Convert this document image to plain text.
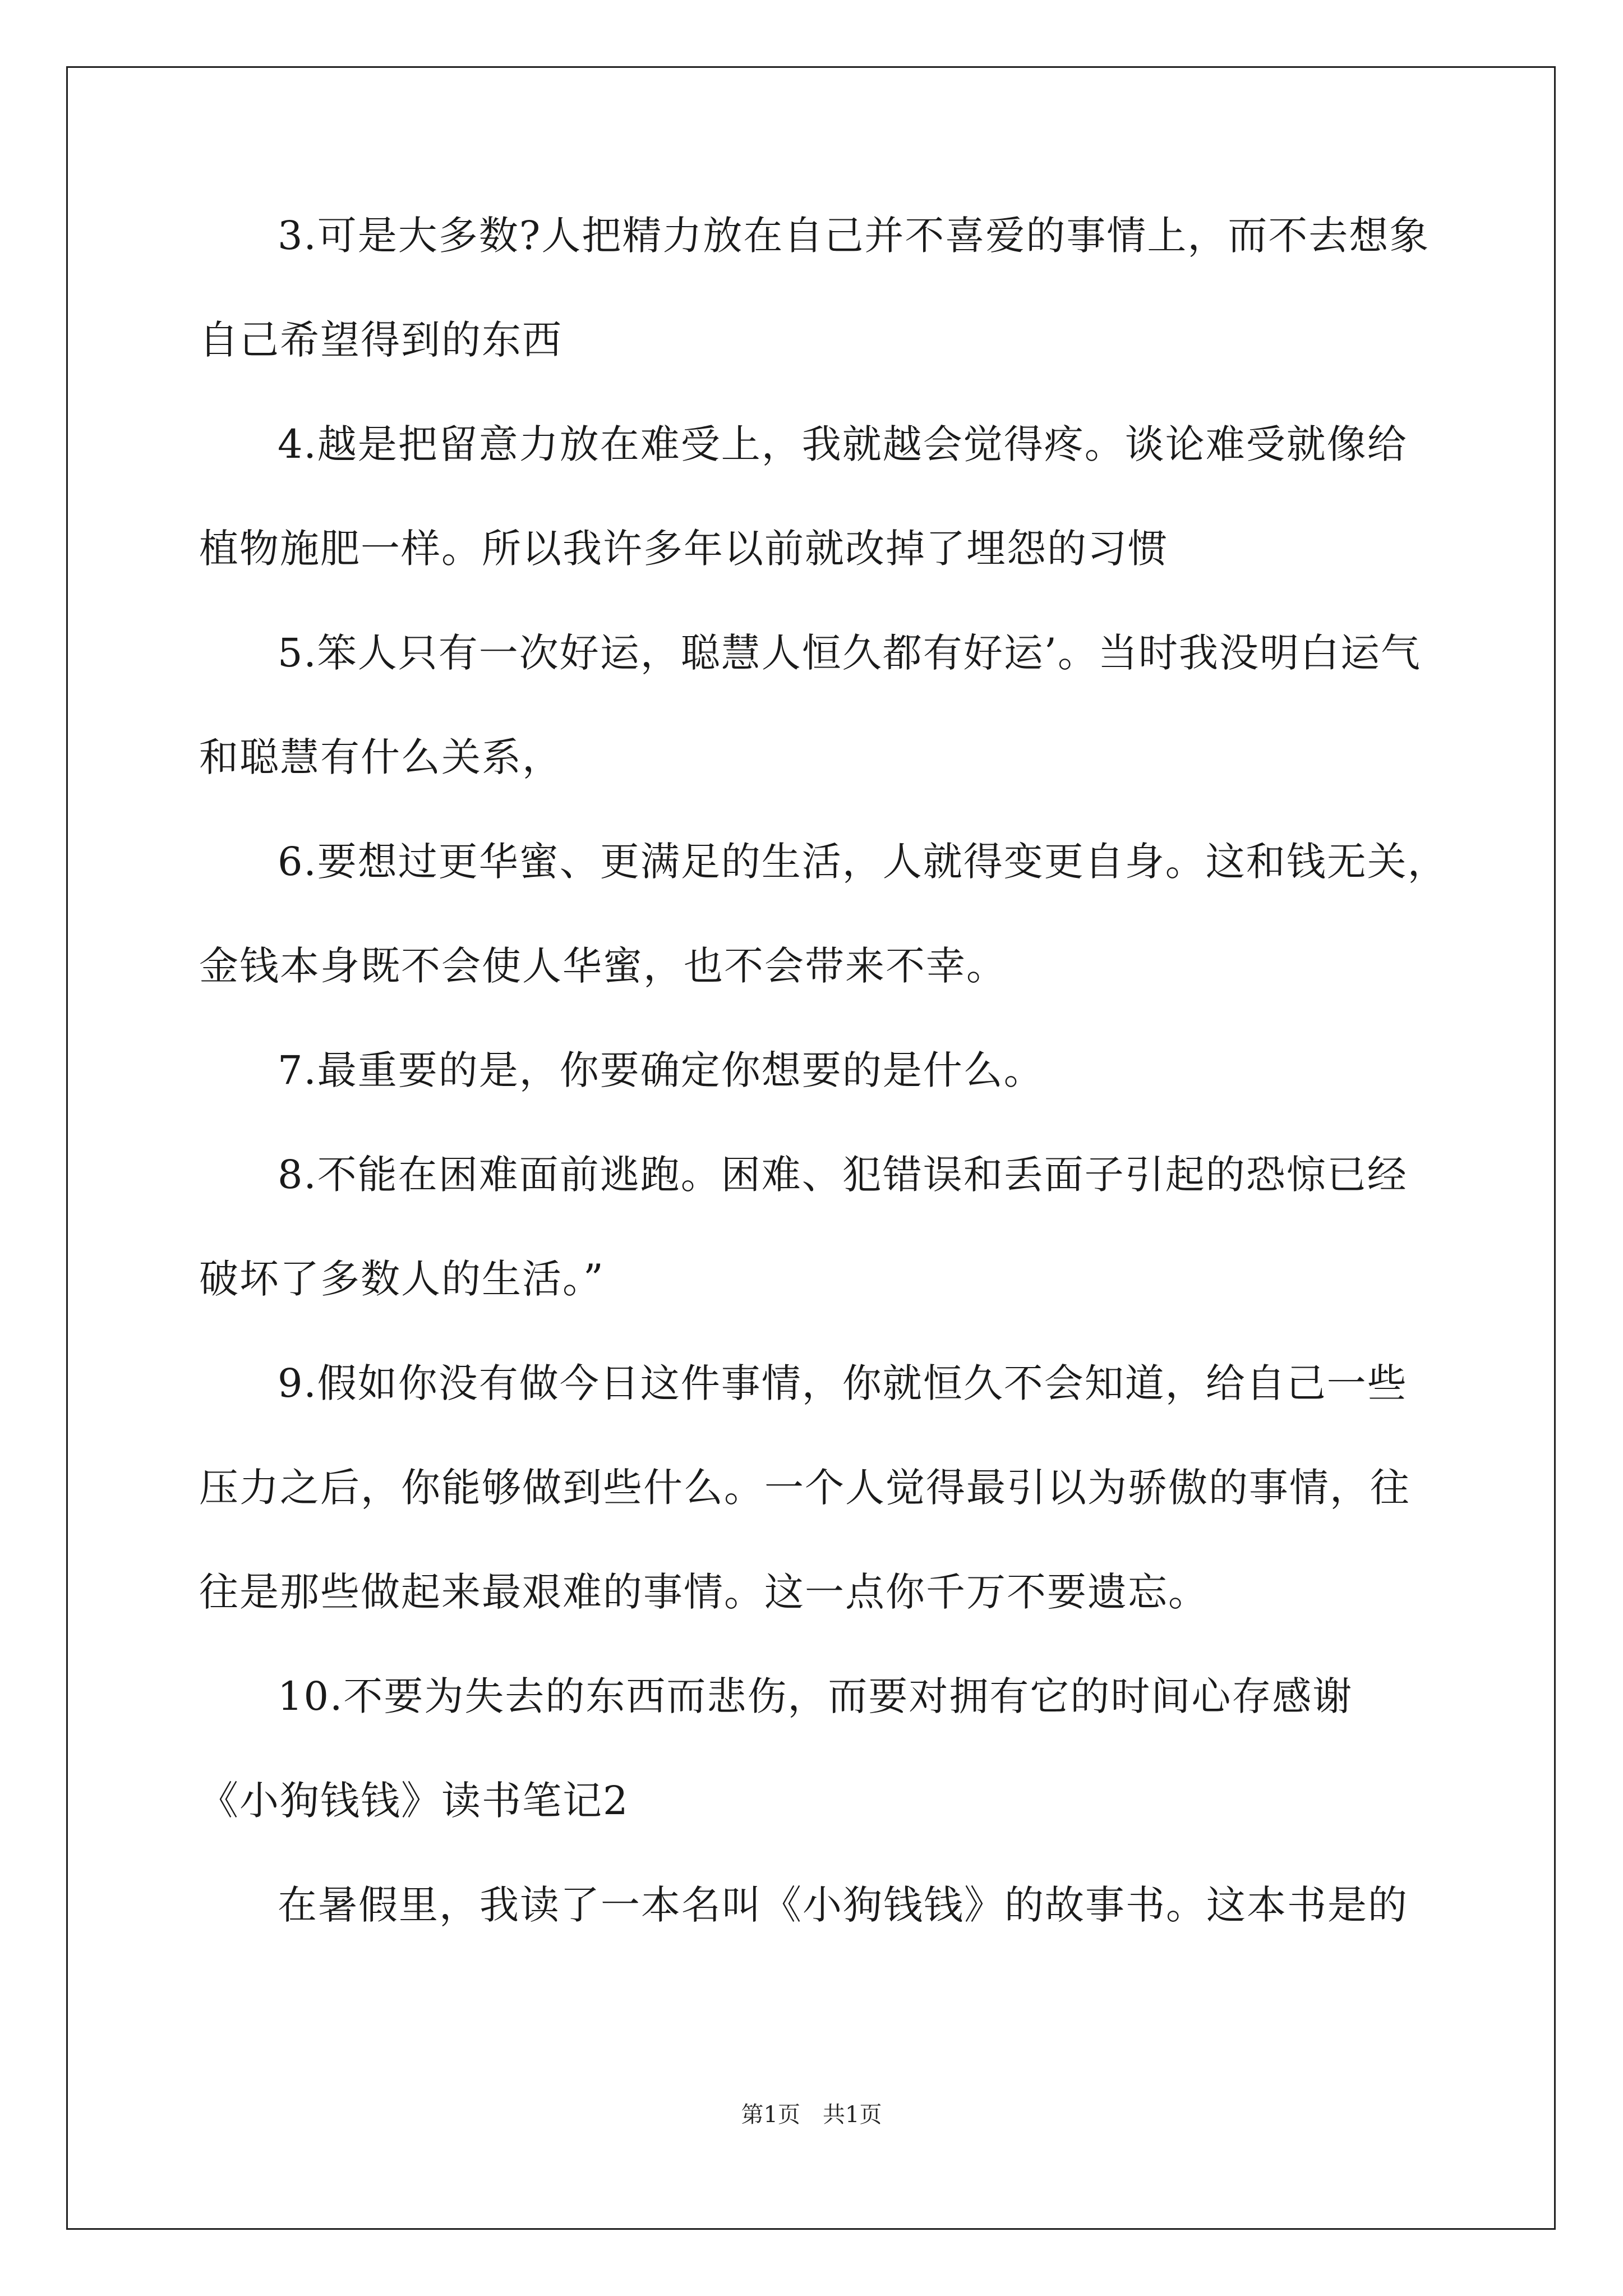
3.可是大多数?人把精力放在自己并不喜爱的事情上，而不去想象
自己希望得到的东西
4.越是把留意力放在难受上，我就越会觉得疼。谈论难受就像给
植物施肥一样。所以我许多年以前就改掉了埋怨的习惯
5.笨人只有一次好运，聪慧人恒久都有好运’。当时我没明白运气
和聪慧有什么关系，
6.要想过更华蜜、更满足的生活，人就得变更自身。这和钱无关，
金钱本身既不会使人华蜜，也不会带来不幸。
7.最重要的是，你要确定你想要的是什么。
8.不能在困难面前逃跑。困难、犯错误和丢面子引起的恐惊已经
破坏了多数人的生活。”
9.假如你没有做今日这件事情，你就恒久不会知道，给自己一些
压力之后，你能够做到些什么。一个人觉得最引以为骄傲的事情，往
往是那些做起来最艰难的事情。这一点你千万不要遗忘。
10.不要为失去的东西而悲伤，而要对拥有它的时间心存感谢
《小狗钱钱》读书笔记2
在暑假里，我读了一本名叫《小狗钱钱》的故事书。这本书是的
第1页 共1页
